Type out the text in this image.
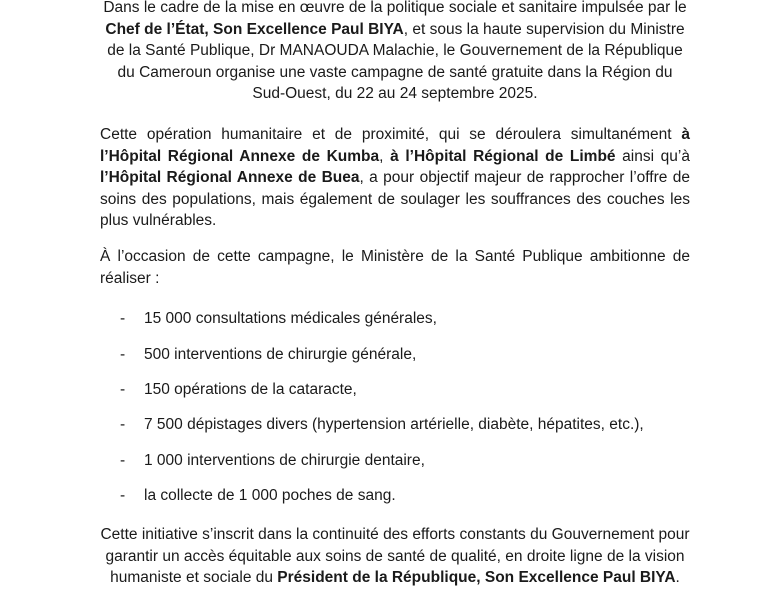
Dans le cadre de la mise en œuvre de la politique sociale et sanitaire impulsée par le Chef de l’État, Son Excellence Paul BIYA, et sous la haute supervision du Ministre de la Santé Publique, Dr MANAOUDA Malachie, le Gouvernement de la République du Cameroun organise une vaste campagne de santé gratuite dans la Région du Sud-Ouest, du 22 au 24 septembre 2025.

Cette opération humanitaire et de proximité, qui se déroulera simultanément à l’Hôpital Régional Annexe de Kumba, à l’Hôpital Régional de Limbé ainsi qu’à l’Hôpital Régional Annexe de Buea, a pour objectif majeur de rapprocher l’offre de soins des populations, mais également de soulager les souffrances des couches les plus vulnérables.

À l’occasion de cette campagne, le Ministère de la Santé Publique ambitionne de réaliser :

- 15 000 consultations médicales générales,
- 500 interventions de chirurgie générale,
- 150 opérations de la cataracte,
- 7 500 dépistages divers (hypertension artérielle, diabète, hépatites, etc.),
- 1 000 interventions de chirurgie dentaire,
- la collecte de 1 000 poches de sang.

Cette initiative s’inscrit dans la continuité des efforts constants du Gouvernement pour garantir un accès équitable aux soins de santé de qualité, en droite ligne de la vision humaniste et sociale du Président de la République, Son Excellence Paul BIYA.
